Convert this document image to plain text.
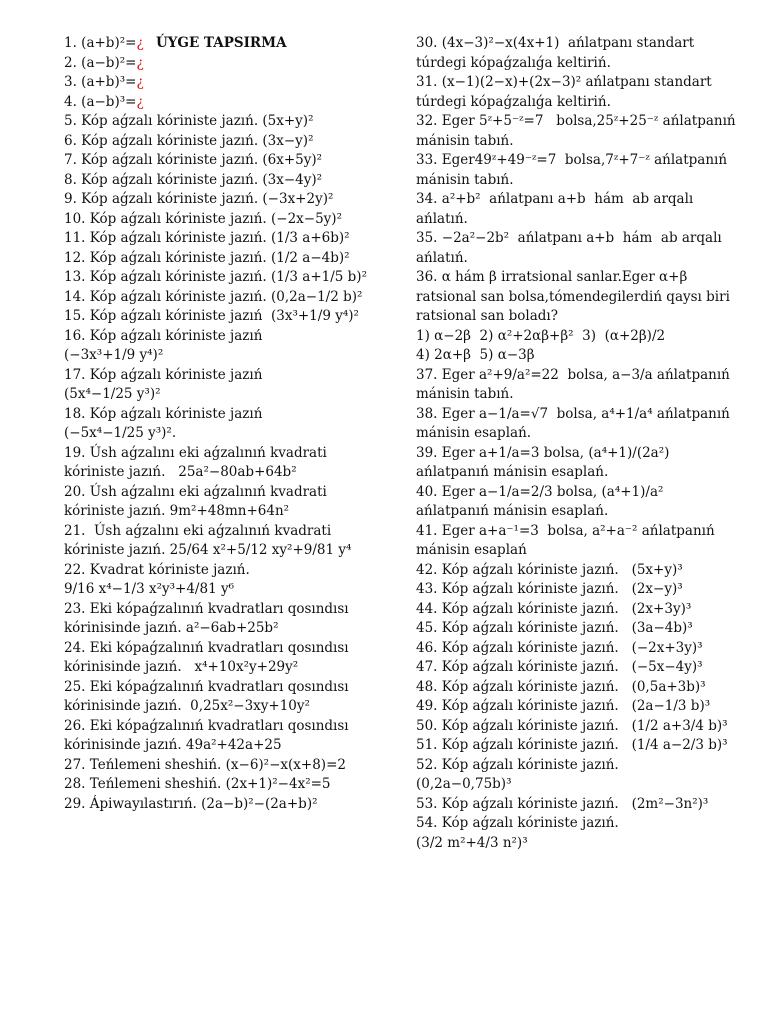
ÚYGE TAPSIRMA
1. (a+b)²=¿
2. (a−b)²=¿
3. (a+b)³=¿
4. (a−b)³=¿
5. Kóp aǵzalı kóriniste jazıń. (5x+y)²
6. Kóp aǵzalı kóriniste jazıń. (3x−y)²
7. Kóp aǵzalı kóriniste jazıń. (6x+5y)²
8. Kóp aǵzalı kóriniste jazıń. (3x−4y)²
9. Kóp aǵzalı kóriniste jazıń. (−3x+2y)²
10. Kóp aǵzalı kóriniste jazıń. (−2x−5y)²
11. Kóp aǵzalı kóriniste jazıń. (1/3 a+6b)²
12. Kóp aǵzalı kóriniste jazıń. (1/2 a−4b)²
13. Kóp aǵzalı kóriniste jazıń. (1/3 a+1/5 b)²
14. Kóp aǵzalı kóriniste jazıń. (0,2a−1/2 b)²
15. Kóp aǵzalı kóriniste jazıń  (3x³+1/9 y⁴)²
16. Kóp aǵzalı kóriniste jazıń
(−3x³+1/9 y⁴)²
17. Kóp aǵzalı kóriniste jazıń
(5x⁴−1/25 y³)²
18. Kóp aǵzalı kóriniste jazıń
(−5x⁴−1/25 y³)².
19. Úsh aǵzalını eki aǵzalınıń kvadrati kóriniste jazıń.   25a²−80ab+64b²
20. Úsh aǵzalını eki aǵzalınıń kvadrati kóriniste jazıń. 9m²+48mn+64n²
21.  Úsh aǵzalını eki aǵzalınıń kvadrati kóriniste jazıń. 25/64 x²+5/12 xy²+9/81 y⁴
22. Kvadrat kóriniste jazıń.
9/16 x⁴−1/3 x²y³+4/81 y⁶
23. Eki kópaǵzalınıń kvadratları qosındısı kórinisinde jazıń. a²−6ab+25b²
24. Eki kópaǵzalınıń kvadratları qosındısı kórinisinde jazıń.   x⁴+10x²y+29y²
25. Eki kópaǵzalınıń kvadratları qosındısı kórinisinde jazıń.  0,25x²−3xy+10y²
26. Eki kópaǵzalınıń kvadratları qosındısı kórinisinde jazıń. 49a²+42a+25
27. Teńlemeni sheshiń. (x−6)²−x(x+8)=2
28. Teńlemeni sheshiń. (2x+1)²−4x²=5
29. Ápiwayılastırıń. (2a−b)²−(2a+b)²
30. (4x−3)²−x(4x+1)  ańlatpanı standart túrdegi kópaǵzalıǵa keltiriń.
31. (x−1)(2−x)+(2x−3)² ańlatpanı standart túrdegi kópaǵzalıǵa keltiriń.
32. Eger 5ᶻ+5⁻ᶻ=7   bolsa,25ᶻ+25⁻ᶻ ańlatpanıń mánisin tabıń.
33. Eger49ᶻ+49⁻ᶻ=7  bolsa,7ᶻ+7⁻ᶻ ańlatpanıń mánisin tabıń.
34. a²+b²  ańlatpanı a+b  hám  ab arqalı ańlatıń.
35. −2a²−2b²  ańlatpanı a+b  hám  ab arqalı ańlatıń.
36. α hám β irratsional sanlar.Eger α+β ratsional san bolsa,tómendegilerdiń qaysı biri ratsional san boladı?
1) α−2β  2) α²+2αβ+β²  3)  (α+2β)/2
4) 2α+β  5) α−3β
37. Eger a²+9/a²=22  bolsa, a−3/a ańlatpanıń mánisin tabıń.
38. Eger a−1/a=√7  bolsa, a⁴+1/a⁴ ańlatpanıń mánisin esaplań.
39. Eger a+1/a=3 bolsa, (a⁴+1)/(2a²) ańlatpanıń mánisin esaplań.
40. Eger a−1/a=2/3 bolsa, (a⁴+1)/a² ańlatpanıń mánisin esaplań.
41. Eger a+a⁻¹=3  bolsa, a²+a⁻² ańlatpanıń mánisin esaplań
42. Kóp aǵzalı kóriniste jazıń.   (5x+y)³
43. Kóp aǵzalı kóriniste jazıń.   (2x−y)³
44. Kóp aǵzalı kóriniste jazıń.   (2x+3y)³
45. Kóp aǵzalı kóriniste jazıń.   (3a−4b)³
46. Kóp aǵzalı kóriniste jazıń.   (−2x+3y)³
47. Kóp aǵzalı kóriniste jazıń.   (−5x−4y)³
48. Kóp aǵzalı kóriniste jazıń.   (0,5a+3b)³
49. Kóp aǵzalı kóriniste jazıń.   (2a−1/3 b)³
50. Kóp aǵzalı kóriniste jazıń.   (1/2 a+3/4 b)³
51. Kóp aǵzalı kóriniste jazıń.   (1/4 a−2/3 b)³
52. Kóp aǵzalı kóriniste jazıń.
(0,2a−0,75b)³
53. Kóp aǵzalı kóriniste jazıń.   (2m²−3n²)³
54. Kóp aǵzalı kóriniste jazıń.
(3/2 m²+4/3 n²)³
